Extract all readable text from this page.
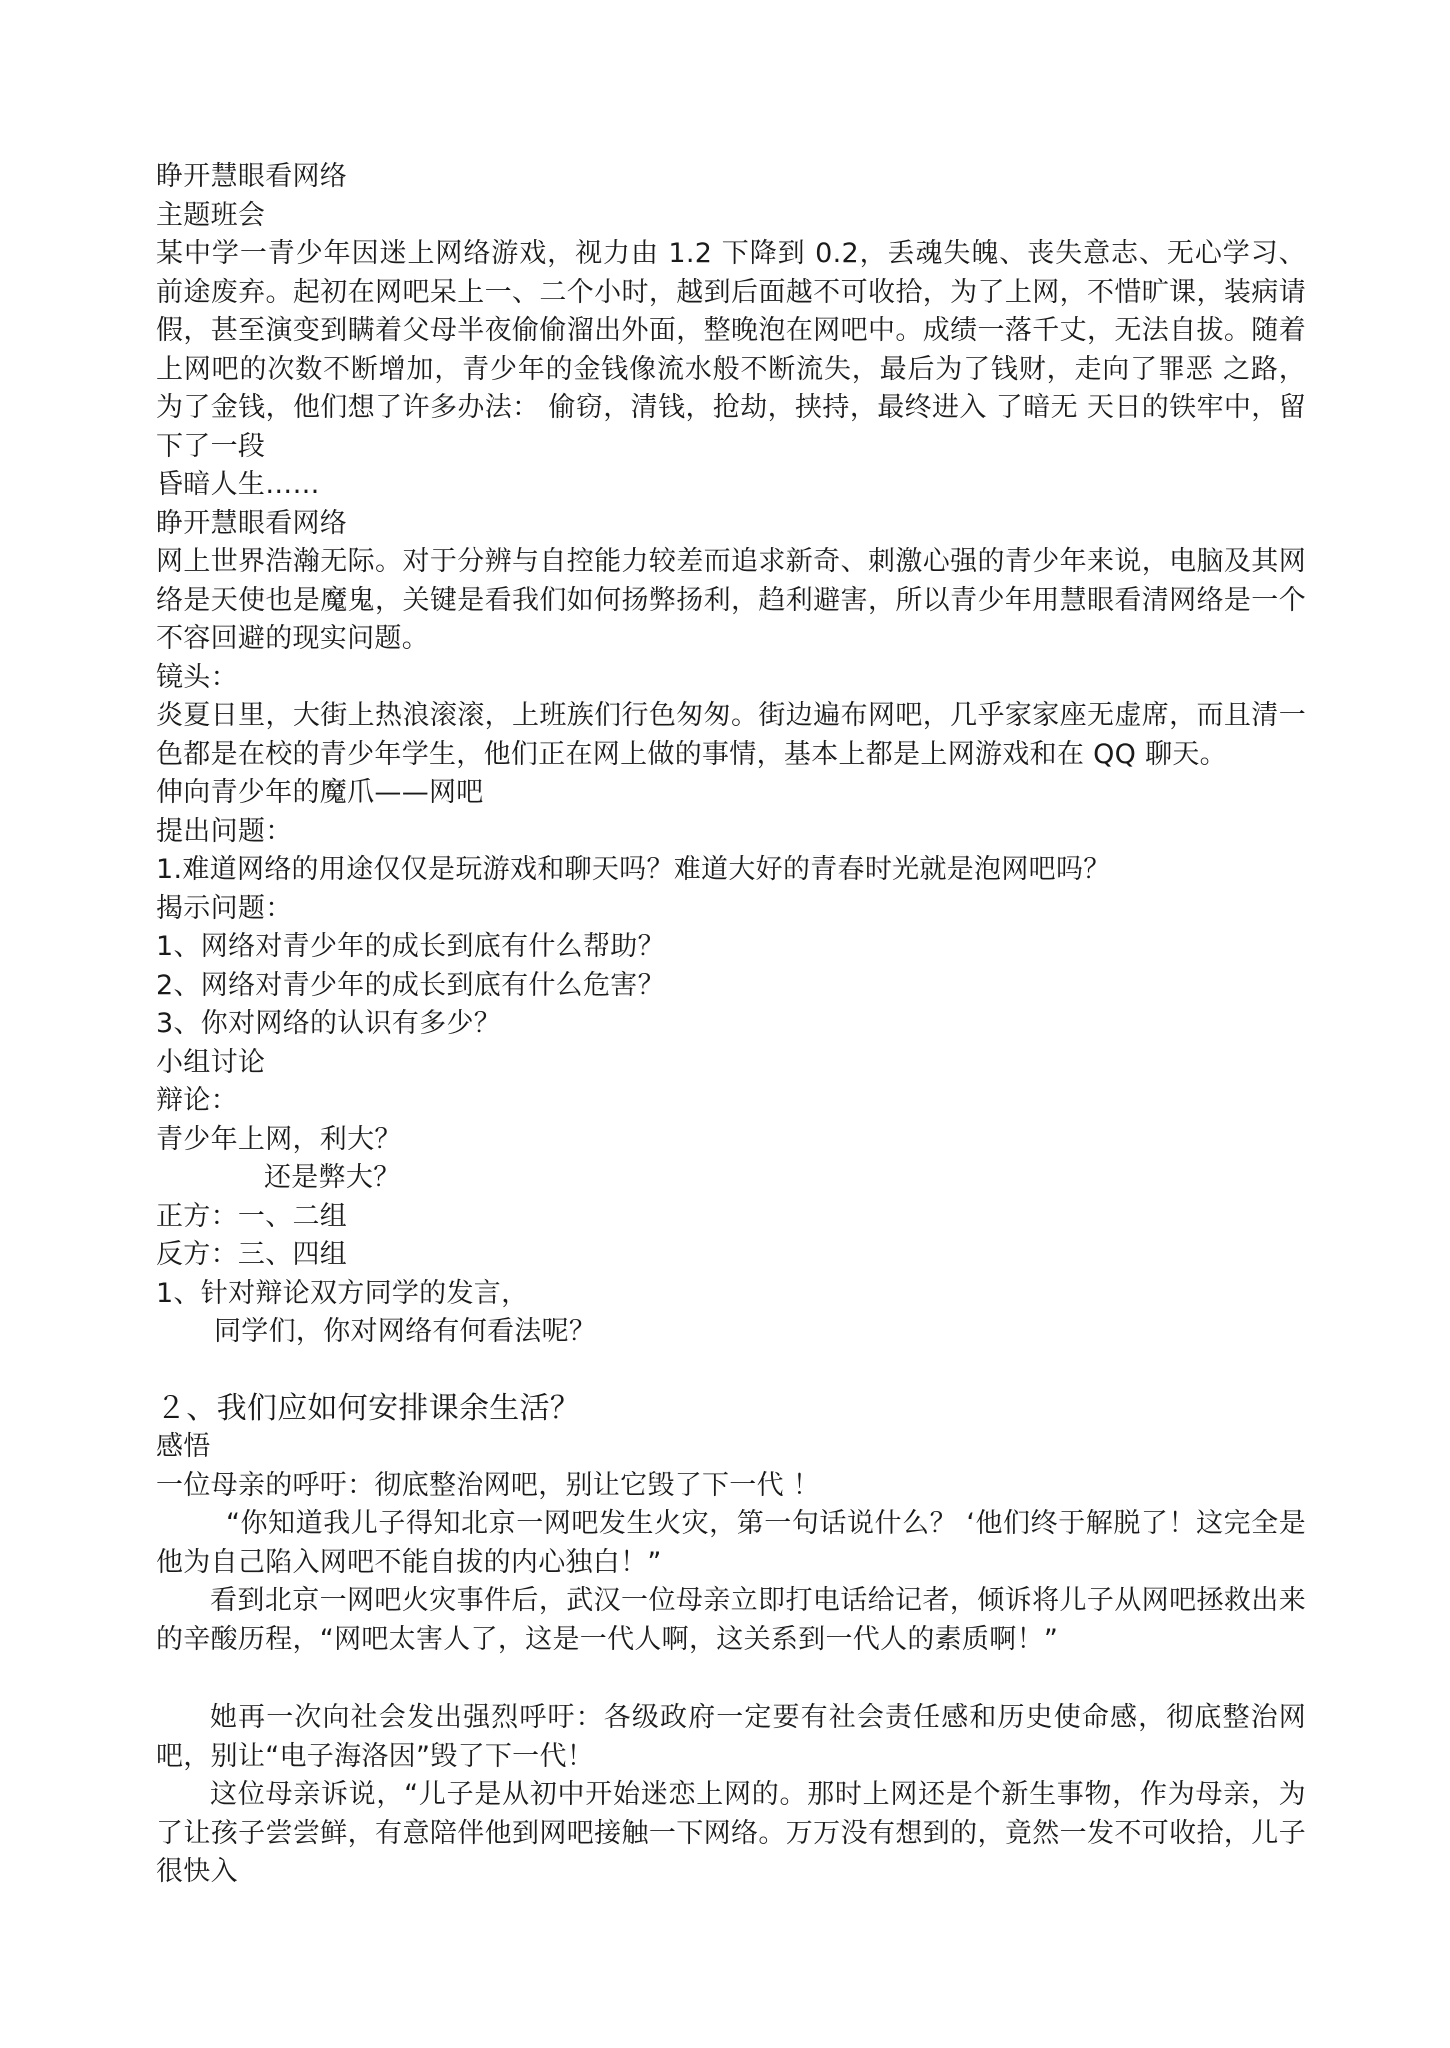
睁开慧眼看网络
主题班会
某中学一青少年因迷上网络游戏，视力由 1.2 下降到 0.2，丢魂失魄、丧失意志、无心学习、前途废弃。起初在网吧呆上一、二个小时，越到后面越不可收拾，为了上网，不惜旷课，装病请假，甚至演变到瞒着父母半夜偷偷溜出外面，整晚泡在网吧中。成绩一落千丈，无法自拔。随着上网吧的次数不断增加，青少年的金钱像流水般不断流失，最后为了钱财，走向了罪恶 之路，为了金钱，他们想了许多办法： 偷窃，清钱，抢劫，挟持，最终进入 了暗无 天日的铁牢中，留下了一段
昏暗人生……
睁开慧眼看网络
网上世界浩瀚无际。对于分辨与自控能力较差而追求新奇、刺激心强的青少年来说，电脑及其网络是天使也是魔鬼，关键是看我们如何扬弊扬利，趋利避害，所以青少年用慧眼看清网络是一个不容回避的现实问题。
镜头：
炎夏日里，大街上热浪滚滚，上班族们行色匆匆。街边遍布网吧，几乎家家座无虚席，而且清一色都是在校的青少年学生，他们正在网上做的事情，基本上都是上网游戏和在 QQ 聊天。
伸向青少年的魔爪——网吧
提出问题：
1.难道网络的用途仅仅是玩游戏和聊天吗？难道大好的青春时光就是泡网吧吗？
揭示问题：
1、网络对青少年的成长到底有什么帮助？
2、网络对青少年的成长到底有什么危害？
3、你对网络的认识有多少？
小组讨论
辩论：
青少年上网，利大？
还是弊大？
正方：一、二组
反方：三、四组
1、针对辩论双方同学的发言，
同学们，你对网络有何看法呢？
２、我们应如何安排课余生活？
感悟
一位母亲的呼吁：彻底整治网吧，别让它毁了下一代 ！
“你知道我儿子得知北京一网吧发生火灾，第一句话说什么？ ‘他们终于解脱了！这完全是他为自己陷入网吧不能自拔的内心独白！”
看到北京一网吧火灾事件后，武汉一位母亲立即打电话给记者，倾诉将儿子从网吧拯救出来的辛酸历程，“网吧太害人了，这是一代人啊，这关系到一代人的素质啊！”
她再一次向社会发出强烈呼吁：各级政府一定要有社会责任感和历史使命感，彻底整治网吧，别让“电子海洛因”毁了下一代！
这位母亲诉说，“儿子是从初中开始迷恋上网的。那时上网还是个新生事物，作为母亲，为了让孩子尝尝鲜，有意陪伴他到网吧接触一下网络。万万没有想到的，竟然一发不可收拾，儿子很快入
